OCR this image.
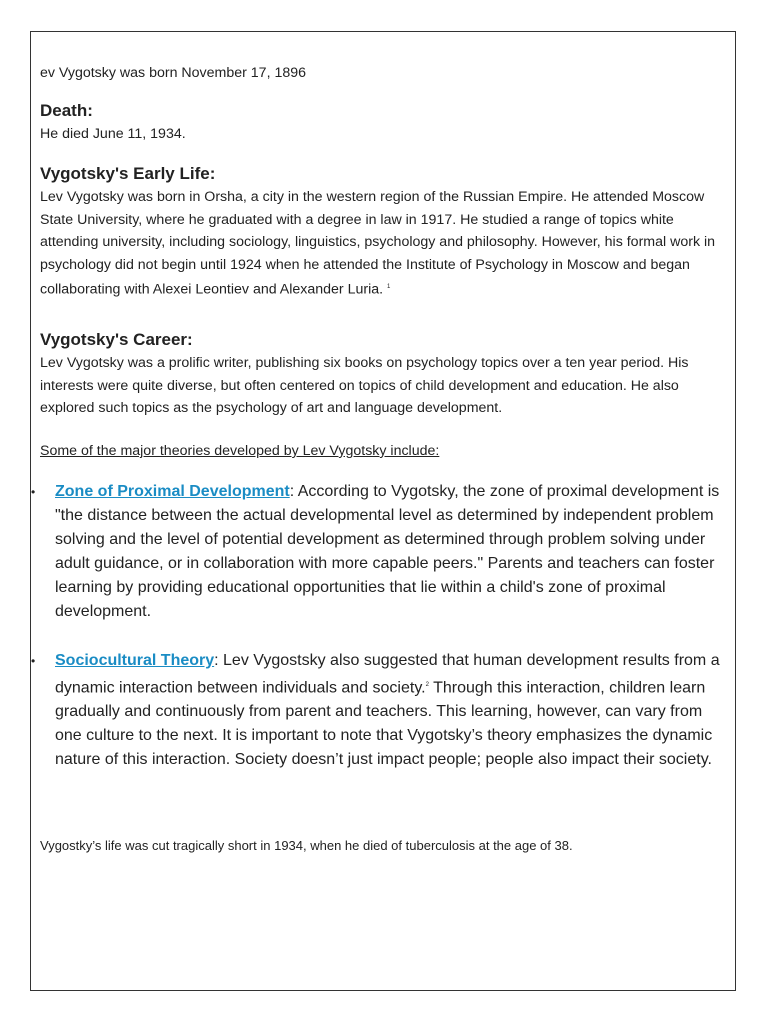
ev Vygotsky was born November 17, 1896

Death:

He died June 11, 1934.

Vygotsky's Early Life:

Lev Vygotsky was born in Orsha, a city in the western region of the Russian Empire. He attended Moscow State University, where he graduated with a degree in law in 1917. He studied a range of topics white attending university, including sociology, linguistics, psychology and philosophy. However, his formal work in psychology did not begin until 1924 when he attended the Institute of Psychology in Moscow and began collaborating with Alexei Leontiev and Alexander Luria. $^1$

Vygotsky's Career:

Lev Vygotsky was a prolific writer, publishing six books on psychology topics over a ten year period. His interests were quite diverse, but often centered on topics of child development and education. He also explored such topics as the psychology of art and language development.

Some of the major theories developed by Lev Vygotsky include:

• Zone of Proximal Development: According to Vygotsky, the zone of proximal development is "the distance between the actual developmental level as determined by independent problem solving and the level of potential development as determined through problem solving under adult guidance, or in collaboration with more capable peers." Parents and teachers can foster learning by providing educational opportunities that lie within a child's zone of proximal development.
• Sociocultural Theory: Lev Vygostsky also suggested that human development results from a dynamic interaction between individuals and society.$^2$ Through this interaction, children learn gradually and continuously from parent and teachers. This learning, however, can vary from one culture to the next. It is important to note that Vygotsky’s theory emphasizes the dynamic nature of this interaction. Society doesn’t just impact people; people also impact their society.

Vygostky’s life was cut tragically short in 1934, when he died of tuberculosis at the age of 38.
